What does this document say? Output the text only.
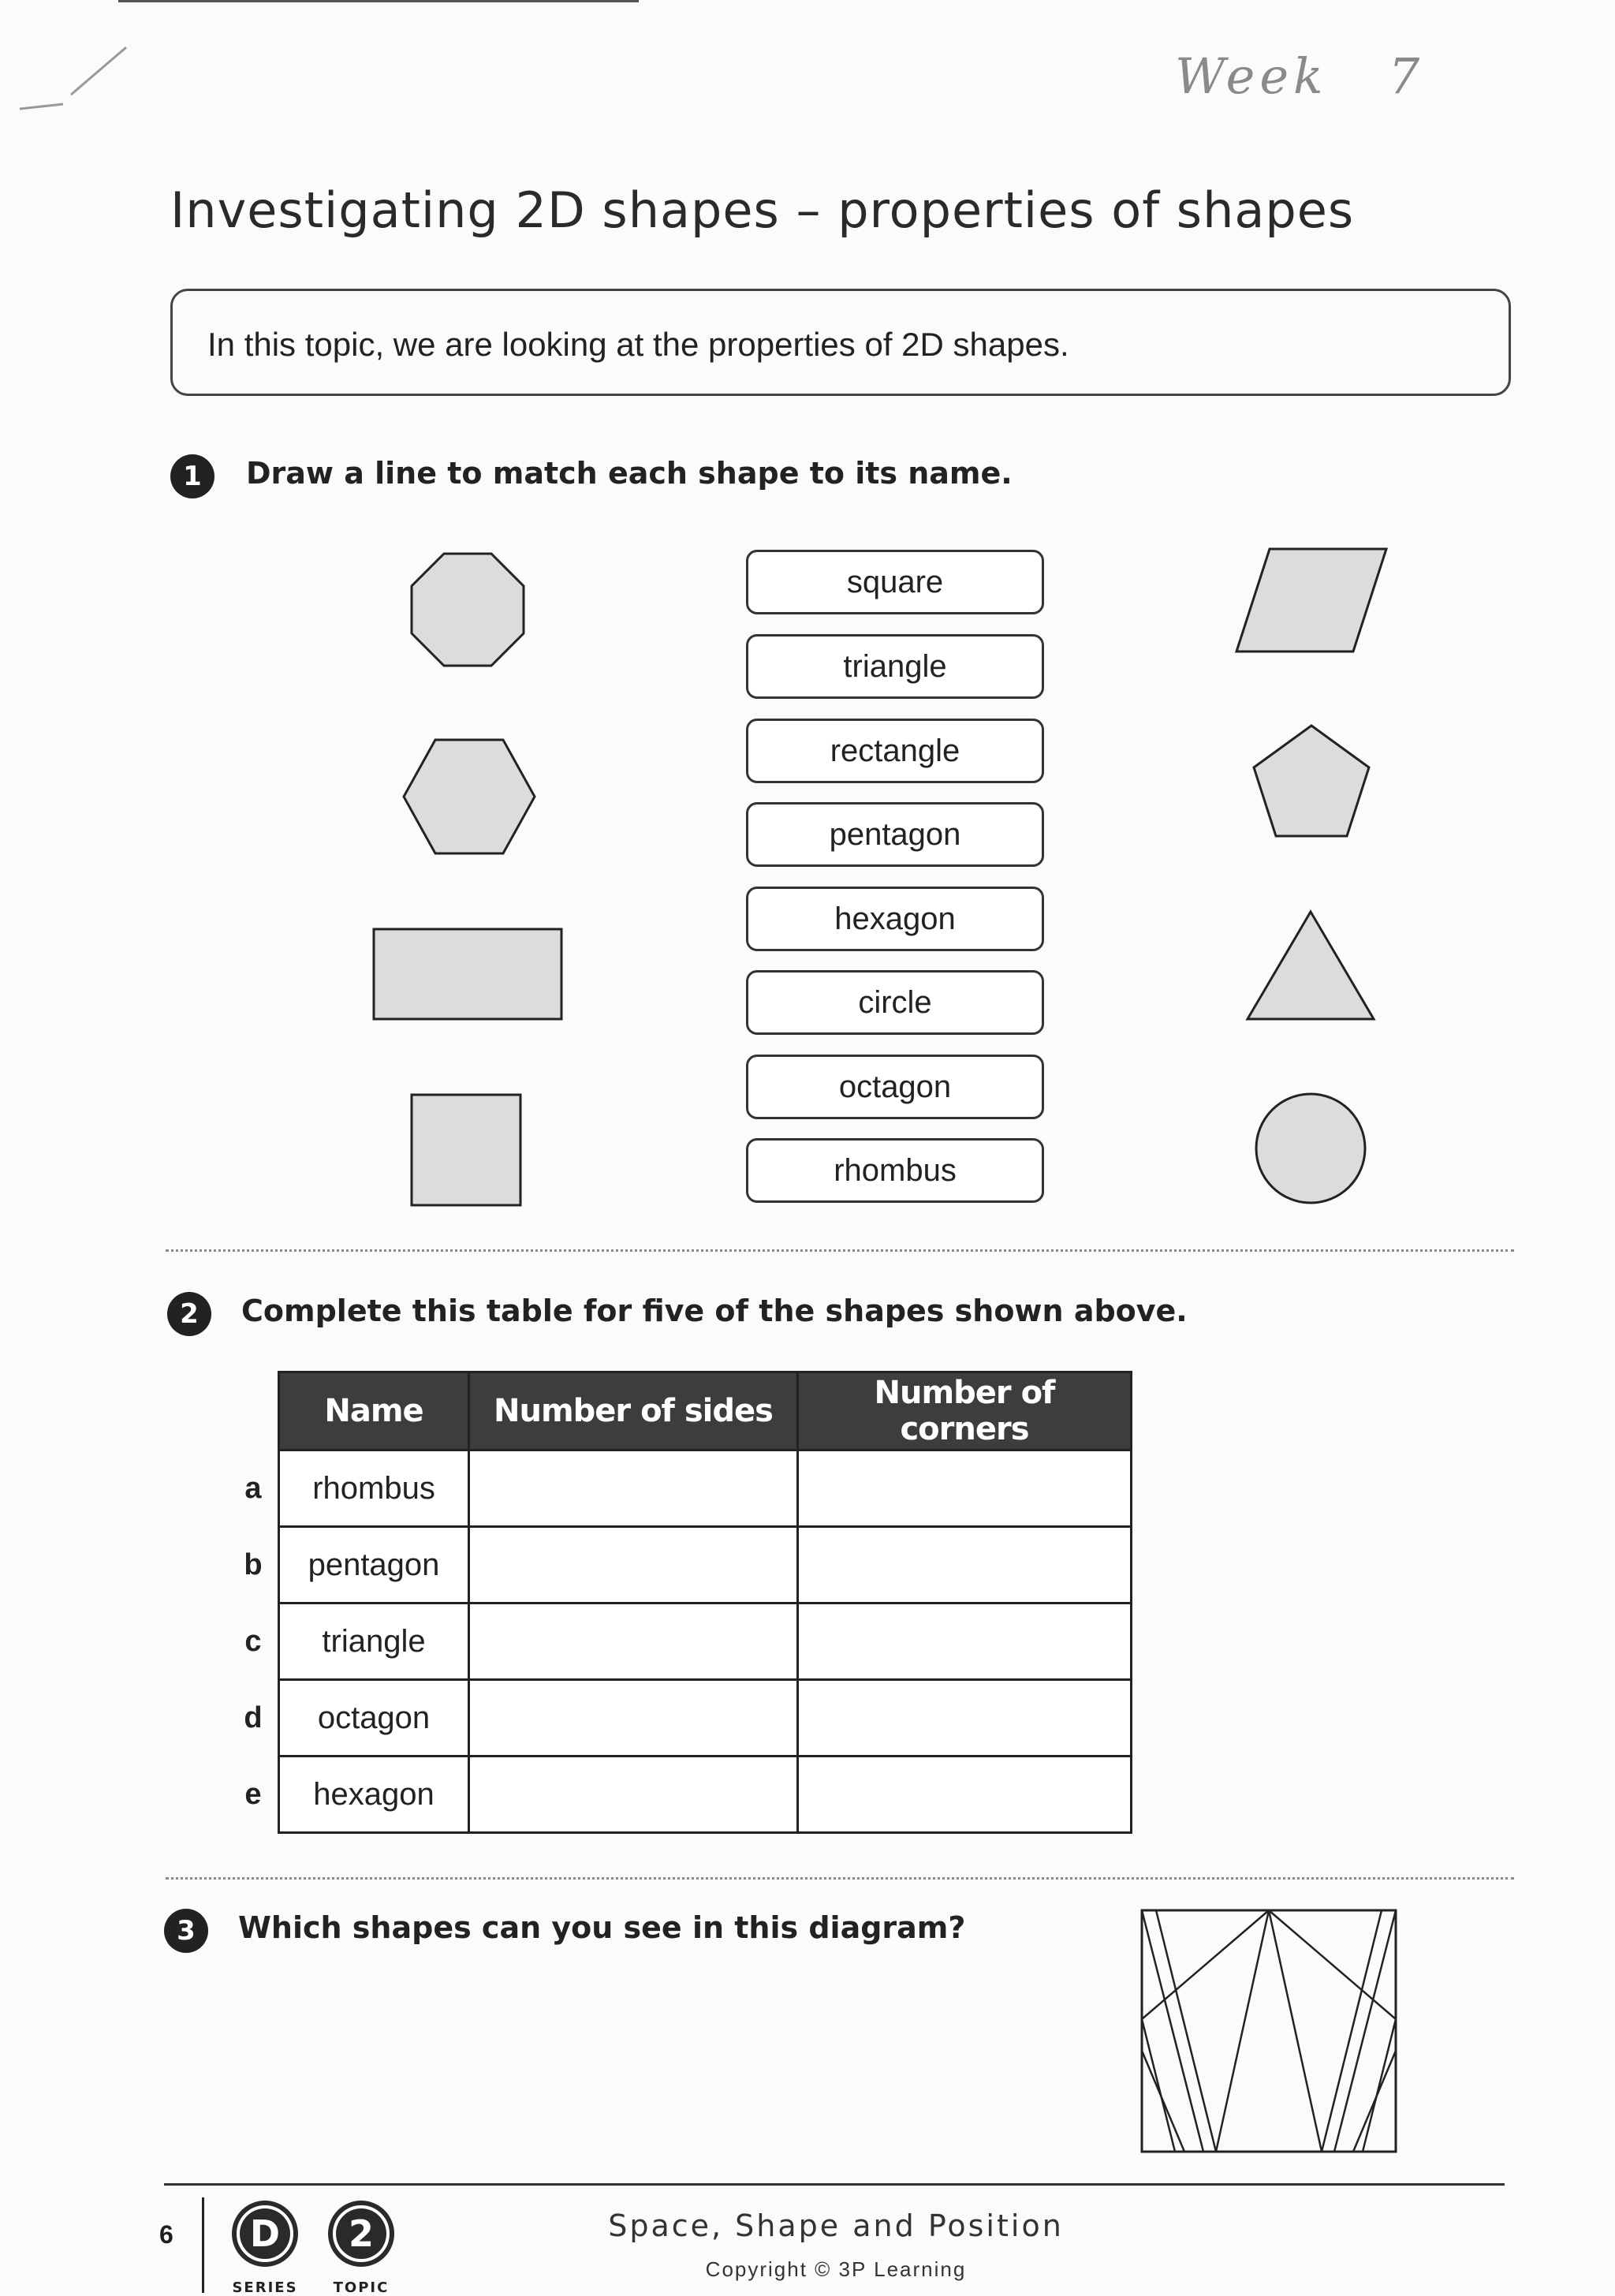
Week   7
Investigating 2D shapes – properties of shapes
In this topic, we are looking at the properties of 2D shapes.
1	Draw a line to match each shape to its name.
square
triangle
rectangle
pentagon
hexagon
circle
octagon
rhombus
2	Complete this table for five of the shapes shown above.
	Name	Number of sides	Number of corners
a	rhombus		
b	pentagon		
c	triangle		
d	octagon		
e	hexagon		
3	Which shapes can you see in this diagram?
6 D
SERIES
2
TOPIC
Space, Shape and Position
Copyright © 3P Learning
